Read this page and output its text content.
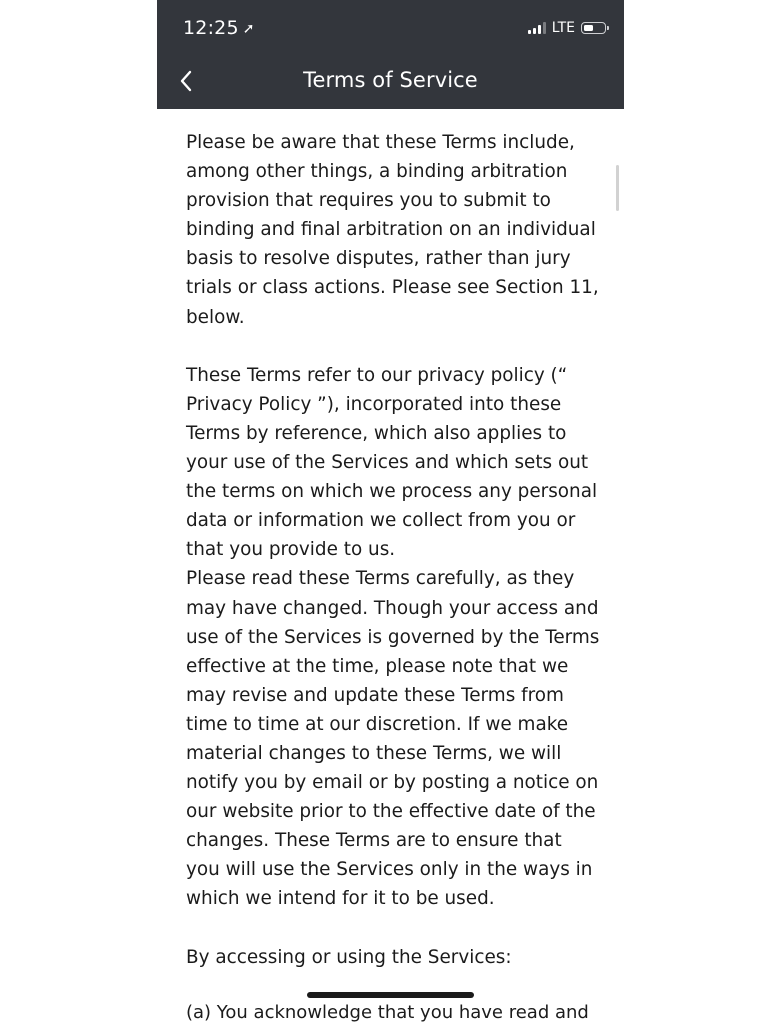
12:25 ➚	LTE
Terms of Service

Please be aware that these Terms include, among other things, a binding arbitration provision that requires you to submit to binding and final arbitration on an individual basis to resolve disputes, rather than jury trials or class actions. Please see Section 11, below.

These Terms refer to our privacy policy (“ Privacy Policy ”), incorporated into these Terms by reference, which also applies to your use of the Services and which sets out the terms on which we process any personal data or information we collect from you or that you provide to us.

Please read these Terms carefully, as they may have changed. Though your access and use of the Services is governed by the Terms effective at the time, please note that we may revise and update these Terms from time to time at our discretion. If we make material changes to these Terms, we will notify you by email or by posting a notice on our website prior to the effective date of the changes. These Terms are to ensure that you will use the Services only in the ways in which we intend for it to be used.

By accessing or using the Services:

(a) You acknowledge that you have read and
